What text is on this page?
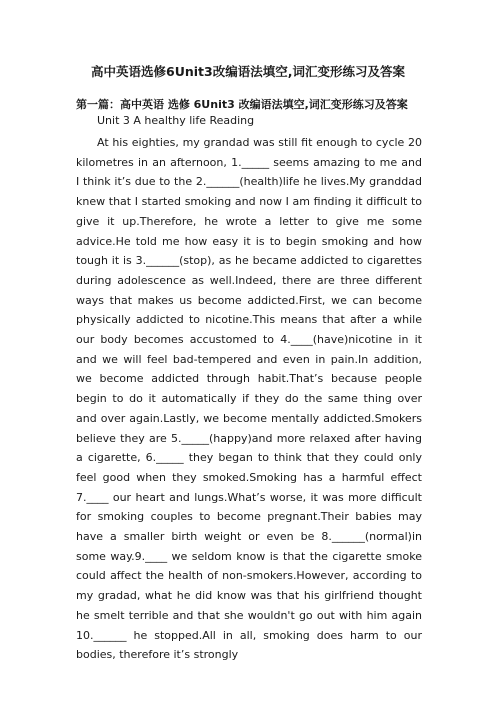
高中英语选修6Unit3改编语法填空,词汇变形练习及答案
第一篇：高中英语 选修 6Unit3 改编语法填空,词汇变形练习及答案
Unit 3 A healthy life Reading

At his eighties, my grandad was still fit enough to cycle 20 kilometres in an afternoon, 1._____ seems amazing to me and I think it’s due to the 2.______(health)life he lives.My granddad knew that I started smoking and now I am finding it difficult to give it up.Therefore, he wrote a letter to give me some advice.He told me how easy it is to begin smoking and how tough it is 3.______(stop), as he became addicted to cigarettes during adolescence as well.Indeed, there are three different ways that makes us become addicted.First, we can become physically addicted to nicotine.This means that after a while our body becomes accustomed to 4.____(have)nicotine in it and we will feel bad-tempered and even in pain.In addition, we become addicted through habit.That’s because people begin to do it automatically if they do the same thing over and over again.Lastly, we become mentally addicted.Smokers believe they are 5._____(happy)and more relaxed after having a cigarette, 6._____ they began to think that they could only feel good when they smoked.Smoking has a harmful effect 7.____ our heart and lungs.What’s worse, it was more difficult for smoking couples to become pregnant.Their babies may have a smaller birth weight or even be 8.______(normal)in some way.9.____ we seldom know is that the cigarette smoke could affect the health of non-smokers.However, according to my gradad, what he did know was that his girlfriend thought he smelt terrible and that she wouldn't go out with him again 10.______ he stopped.All in all, smoking does harm to our bodies, therefore it’s strongly
